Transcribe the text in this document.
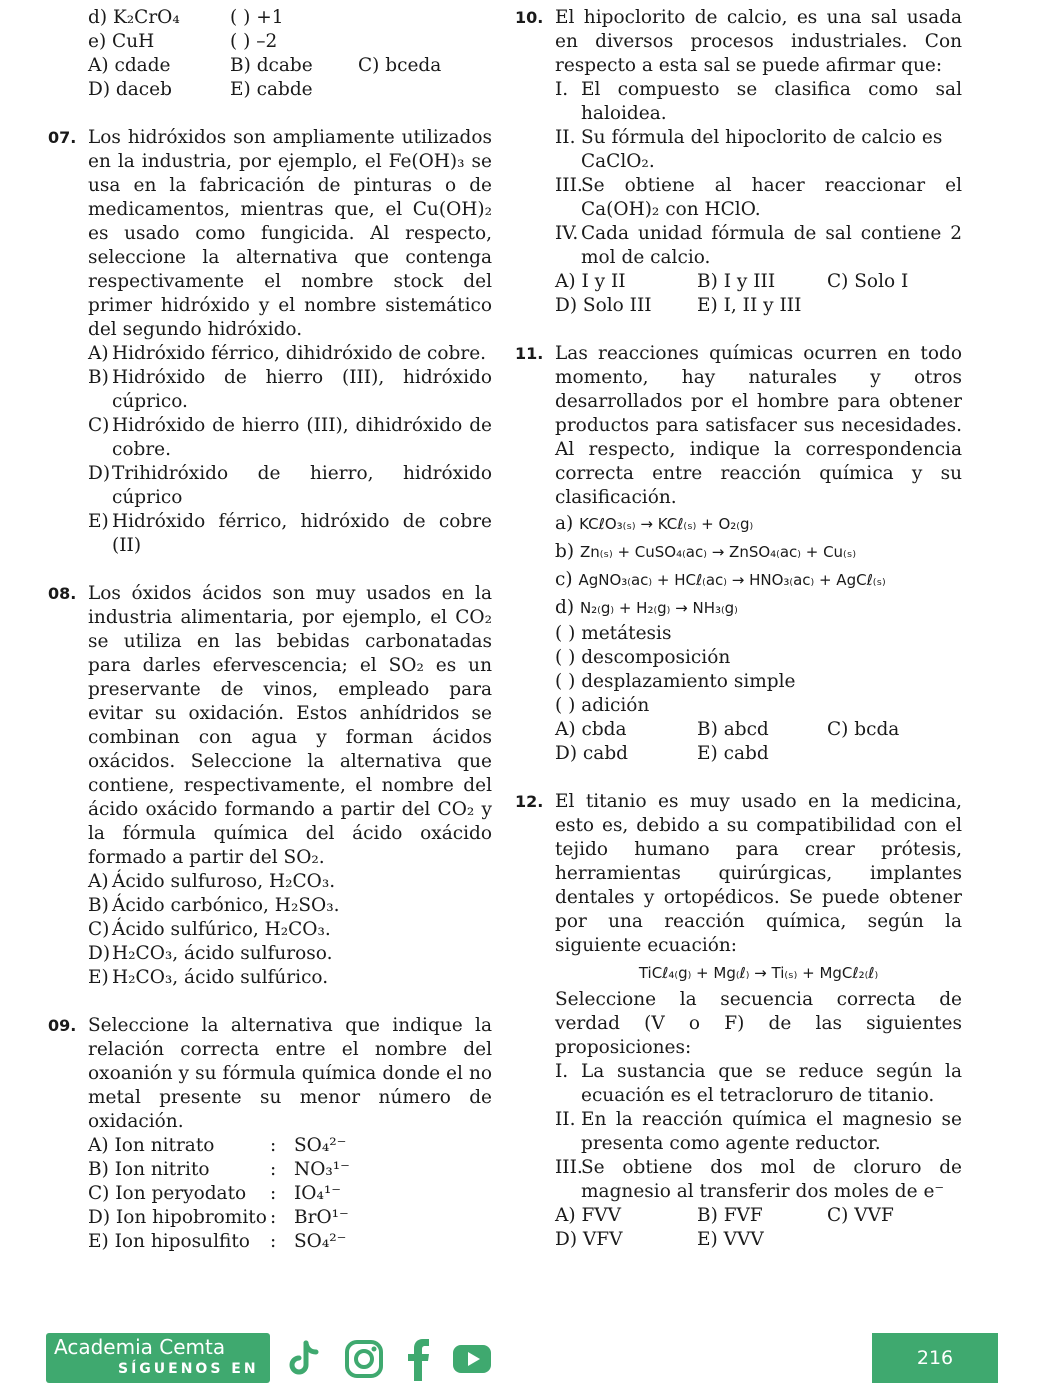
d) K₂CrO₄	( ) +1
e) CuH	( ) –2
A) cdade	B) dcabe	C) bceda
D) daceb	E) cabde
07. Los hidróxidos son ampliamente utilizados en la industria, por ejemplo, el Fe(OH)₃ se usa en la fabricación de pinturas o de medicamentos, mientras que, el Cu(OH)₂ es usado como fungicida. Al respecto, seleccione la alternativa que contenga respectivamente el nombre stock del primer hidróxido y el nombre sistemático del segundo hidróxido.
A) Hidróxido férrico, dihidróxido de cobre.
B) Hidróxido de hierro (III), hidróxido cúprico.
C) Hidróxido de hierro (III), dihidróxido de cobre.
D) Trihidróxido de hierro, hidróxido cúprico
E) Hidróxido férrico, hidróxido de cobre (II)
08. Los óxidos ácidos son muy usados en la industria alimentaria, por ejemplo, el CO₂ se utiliza en las bebidas carbonatadas para darles efervescencia; el SO₂ es un preservante de vinos, empleado para evitar su oxidación. Estos anhídridos se combinan con agua y forman ácidos oxácidos. Seleccione la alternativa que contiene, respectivamente, el nombre del ácido oxácido formando a partir del CO₂ y la fórmula química del ácido oxácido formado a partir del SO₂.
A) Ácido sulfuroso, H₂CO₃.
B) Ácido carbónico, H₂SO₃.
C) Ácido sulfúrico, H₂CO₃.
D) H₂CO₃, ácido sulfuroso.
E) H₂CO₃, ácido sulfúrico.
09. Seleccione la alternativa que indique la relación correcta entre el nombre del oxoanión y su fórmula química donde el no metal presente su menor número de oxidación.
A) Ion nitrato	: SO₄²⁻
B) Ion nitrito	: NO₃¹⁻
C) Ion peryodato	: IO₄¹⁻
D) Ion hipobromito : BrO¹⁻
E) Ion hiposulfito	: SO₄²⁻
10. El hipoclorito de calcio, es una sal usada en diversos procesos industriales. Con respecto a esta sal se puede afirmar que:
I. El compuesto se clasifica como sal haloidea.
II. Su fórmula del hipoclorito de calcio es CaClO₂.
III.
Se obtiene al hacer reaccionar el Ca(OH)₂ con HClO.
IV. Cada unidad fórmula de sal contiene 2 mol de calcio.
A) I y II	B) I y III	C) Solo I
D) Solo III	E) I, II y III
11. Las reacciones químicas ocurren en todo momento, hay naturales y otros desarrollados por el hombre para obtener productos para satisfacer sus necesidades. Al respecto, indique la correspondencia correcta entre reacción química y su clasificación.
a) KCℓO₃₍ₛ₎ → KCℓ₍ₛ₎ + O₂₍g₎
b) Zn₍ₛ₎ + CuSO₄₍ac₎ → ZnSO₄₍ac₎ + Cu₍ₛ₎
c) AgNO₃₍ac₎ + HCℓ₍ac₎ → HNO₃₍ac₎ + AgCℓ₍ₛ₎
d) N₂₍g₎ + H₂₍g₎ → NH₃₍g₎
( ) metátesis
( ) descomposición
( ) desplazamiento simple
( ) adición
A) cbda	B) abcd	C) bcda
D) cabd	E) cabd
12. El titanio es muy usado en la medicina, esto es, debido a su compatibilidad con el tejido humano para crear prótesis, herramientas quirúrgicas, implantes dentales y ortopédicos. Se puede obtener por una reacción química, según la siguiente ecuación:
TiCℓ₄₍g₎ + Mg₍ℓ₎ → Ti₍ₛ₎ + MgCℓ₂₍ℓ₎
Seleccione la secuencia correcta de verdad (V o F) de las siguientes proposiciones:
I. La sustancia que se reduce según la ecuación es el tetracloruro de titanio.
II. En la reacción química el magnesio se presenta como agente reductor.
III.
Se obtiene dos mol de cloruro de magnesio al transferir dos moles de e⁻
A) FVV	B) FVF	C) VVF
D) VFV	E) VVV
Academia Cemta
SÍGUENOS EN	216
